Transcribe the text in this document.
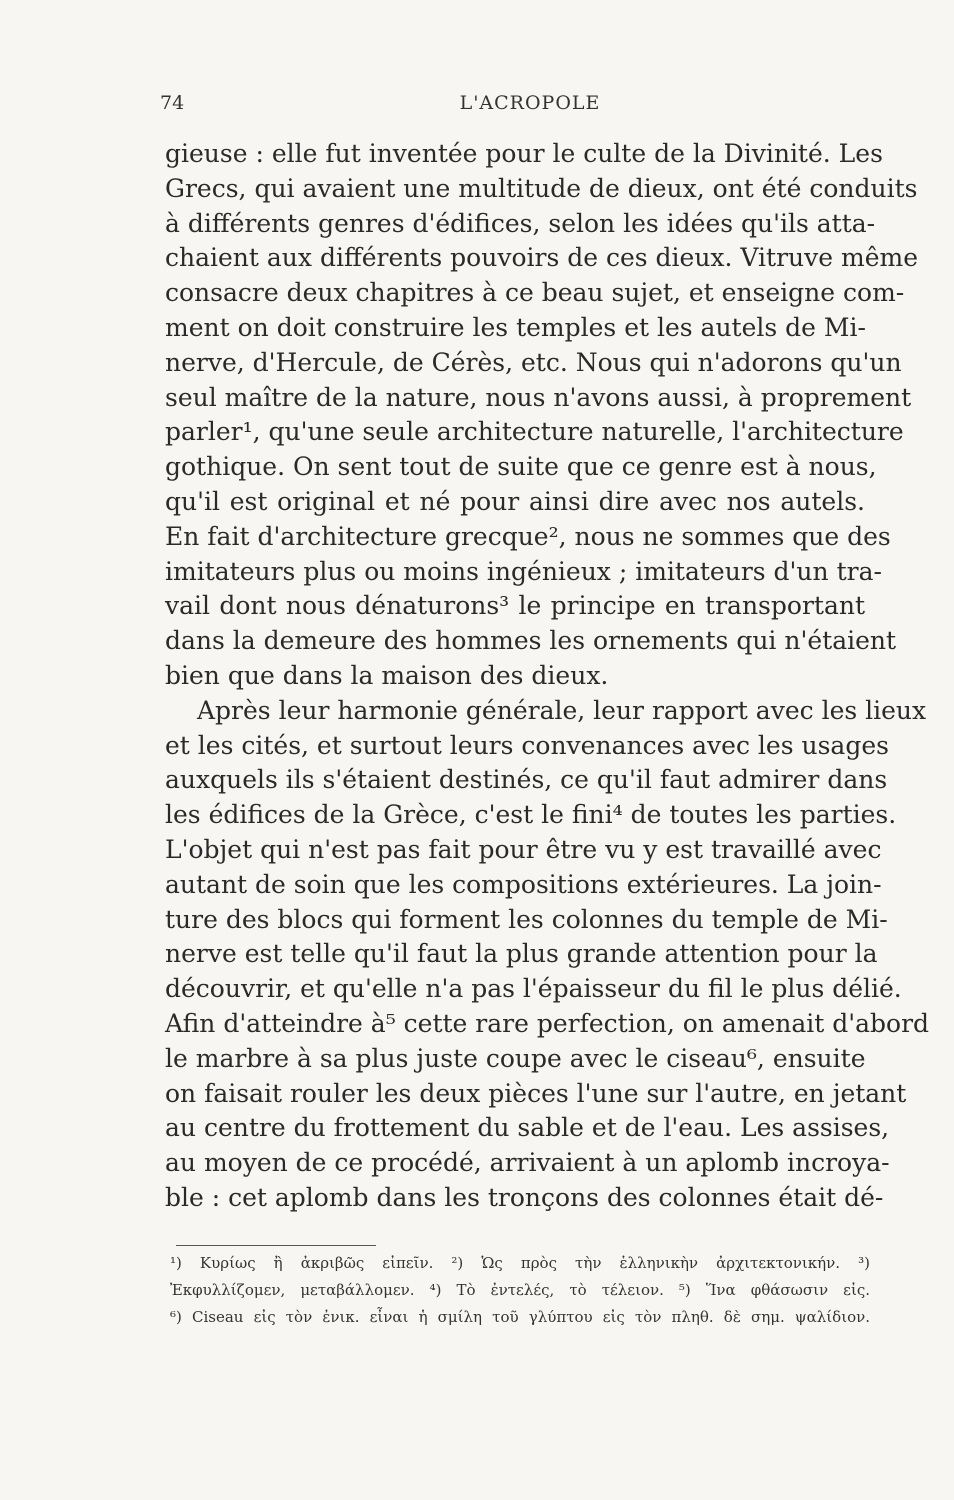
74	L'ACROPOLE
gieuse : elle fut inventée pour le culte de la Divinité. Les
Grecs, qui avaient une multitude de dieux, ont été conduits
à différents genres d'édifices, selon les idées qu'ils atta-
chaient aux différents pouvoirs de ces dieux. Vitruve même
consacre deux chapitres à ce beau sujet, et enseigne com-
ment on doit construire les temples et les autels de Mi-
nerve, d'Hercule, de Cérès, etc. Nous qui n'adorons qu'un
seul maître de la nature, nous n'avons aussi, à proprement
parler¹, qu'une seule architecture naturelle, l'architecture
gothique. On sent tout de suite que ce genre est à nous,
qu'il est original et né pour ainsi dire avec nos autels.
En fait d'architecture grecque², nous ne sommes que des
imitateurs plus ou moins ingénieux ; imitateurs d'un tra-
vail dont nous dénaturons³ le principe en transportant
dans la demeure des hommes les ornements qui n'étaient
bien que dans la maison des dieux.
Après leur harmonie générale, leur rapport avec les lieux
et les cités, et surtout leurs convenances avec les usages
auxquels ils s'étaient destinés, ce qu'il faut admirer dans
les édifices de la Grèce, c'est le fini⁴ de toutes les parties.
L'objet qui n'est pas fait pour être vu y est travaillé avec
autant de soin que les compositions extérieures. La join-
ture des blocs qui forment les colonnes du temple de Mi-
nerve est telle qu'il faut la plus grande attention pour la
découvrir, et qu'elle n'a pas l'épaisseur du fil le plus délié.
Afin d'atteindre à⁵ cette rare perfection, on amenait d'abord
le marbre à sa plus juste coupe avec le ciseau⁶, ensuite
on faisait rouler les deux pièces l'une sur l'autre, en jetant
au centre du frottement du sable et de l'eau. Les assises,
au moyen de ce procédé, arrivaient à un aplomb incroya-
ble : cet aplomb dans les tronçons des colonnes était dé-
¹) Κυρίως ἢ ἀκριβῶς εἰπεῖν. ²) Ὡς πρὸς τὴν ἑλληνικὴν ἀρχιτεκτονικήν. ³)
Ἐκφυλλίζομεν, μεταβάλλομεν. ⁴) Τὸ ἐντελές, τὸ τέλειον. ⁵) Ἵνα φθάσωσιν εἰς.
⁶) Ciseau εἰς τὸν ἐνικ. εἶναι ἡ σμίλη τοῦ γλύπτου εἰς τὸν πληθ. δὲ σημ. ψαλίδιον.
